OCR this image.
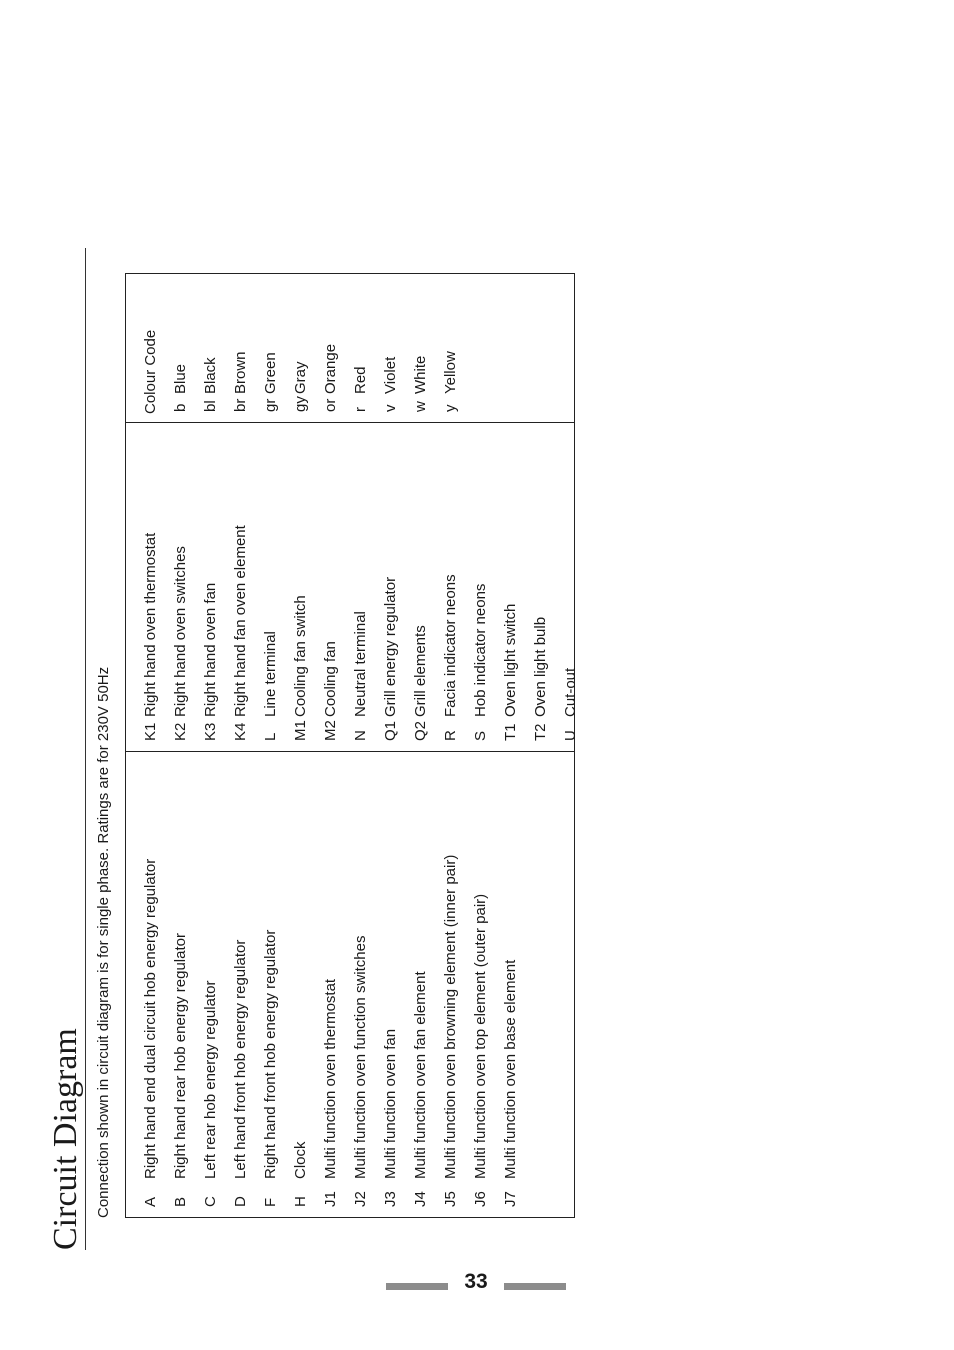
Circuit Diagram Connection shown in circuit diagram is for single phase. Ratings are for 230V 50Hz	A
Right hand end dual circuit hob energy regulator
B
Right hand rear hob energy regulator
C
Left rear hob energy regulator
D
Left hand front hob energy regulator
F
Right hand front hob energy regulator
H
Clock
J1
Multi function oven thermostat
J2
Multi function oven function switches
J3
Multi function oven fan
J4
Multi function oven fan element
J5
Multi function oven browning element (inner pair)
J6
Multi function oven top element (outer pair)
J7
Multi function oven base element
K1
Right hand oven thermostat
K2
Right hand oven switches
K3
Right hand oven fan
K4
Right hand fan oven element
L
Line terminal
M1
Cooling fan switch
M2
Cooling fan
N
Neutral terminal
Q1
Grill energy regulator
Q2
Grill elements
R
Facia indicator neons
S
Hob indicator neons
T1
Oven light switch
T2
Oven light bulb
U
Cut-out
Colour Code b
Blue
bl
Black
br
Brown
gr
Green
gy
Gray
or
Orange
r
Red
v
Violet
w
White
y
Yellow
33
